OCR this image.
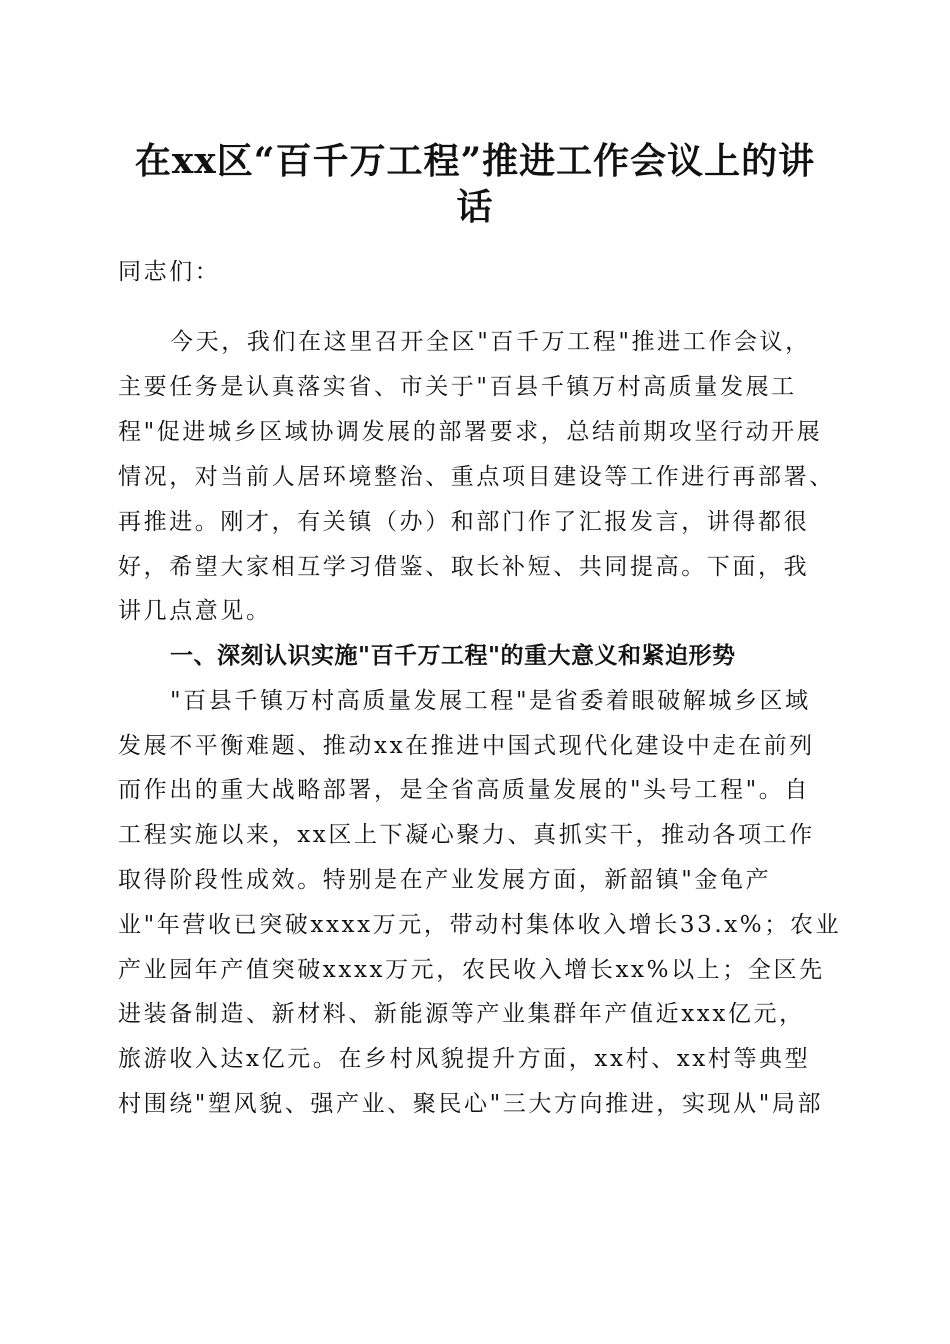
在xx区“百千万工程”推进工作会议上的讲
话
同志们：
今天，我们在这里召开全区"百千万工程"推进工作会议，
主要任务是认真落实省、市关于"百县千镇万村高质量发展工
程"促进城乡区域协调发展的部署要求，总结前期攻坚行动开展
情况，对当前人居环境整治、重点项目建设等工作进行再部署、
再推进。刚才，有关镇（办）和部门作了汇报发言，讲得都很
好，希望大家相互学习借鉴、取长补短、共同提高。下面，我
讲几点意见。
一、深刻认识实施"百千万工程"的重大意义和紧迫形势
"百县千镇万村高质量发展工程"是省委着眼破解城乡区域
发展不平衡难题、推动xx在推进中国式现代化建设中走在前列
而作出的重大战略部署，是全省高质量发展的"头号工程"。自
工程实施以来，xx区上下凝心聚力、真抓实干，推动各项工作
取得阶段性成效。特别是在产业发展方面，新韶镇"金龟产
业"年营收已突破xxxx万元，带动村集体收入增长33.x%；农业
产业园年产值突破xxxx万元，农民收入增长xx%以上；全区先
进装备制造、新材料、新能源等产业集群年产值近xxx亿元，
旅游收入达x亿元。在乡村风貌提升方面，xx村、xx村等典型
村围绕"塑风貌、强产业、聚民心"三大方向推进，实现从"局部
